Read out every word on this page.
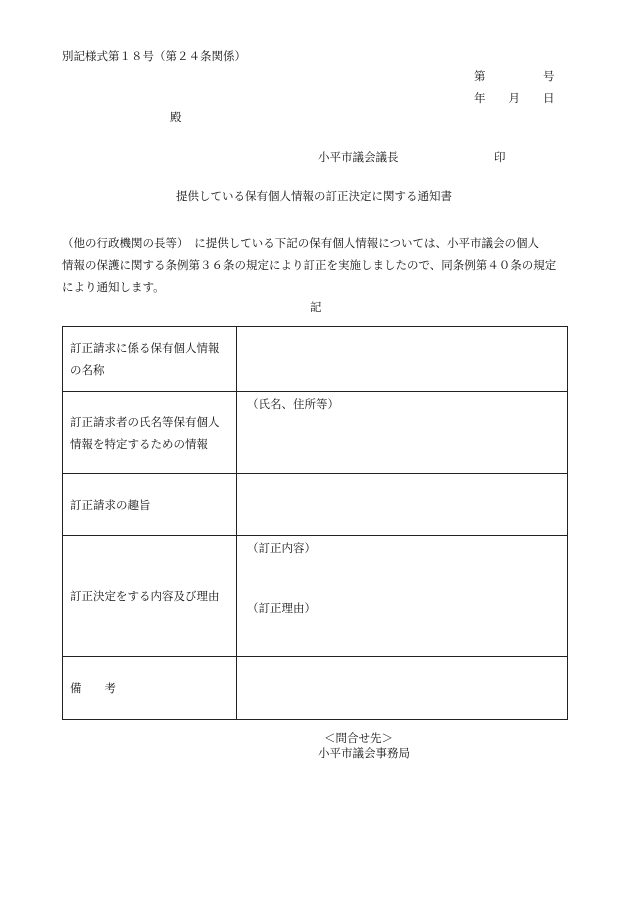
別記様式第１８号（第２４条関係）
第　　　　　号
年　　月　　日
殿
小平市議会議長	印
提供している保有個人情報の訂正決定に関する通知書

（他の行政機関の長等）　に提供している下記の保有個人情報については、小平市議会の個人

情報の保護に関する条例第３６条の規定により訂正を実施しましたので、同条例第４０条の規定

により通知します。

記
訂正請求に係る保有個人情報
の名称	

訂正請求者の氏名等保有個人
情報を特定するための情報	（氏名、住所等）

訂正請求の趣旨	
訂正決定をする内容及び理由	（訂正内容）
（訂正理由）

備考	
＜問合せ先＞
小平市議会事務局
